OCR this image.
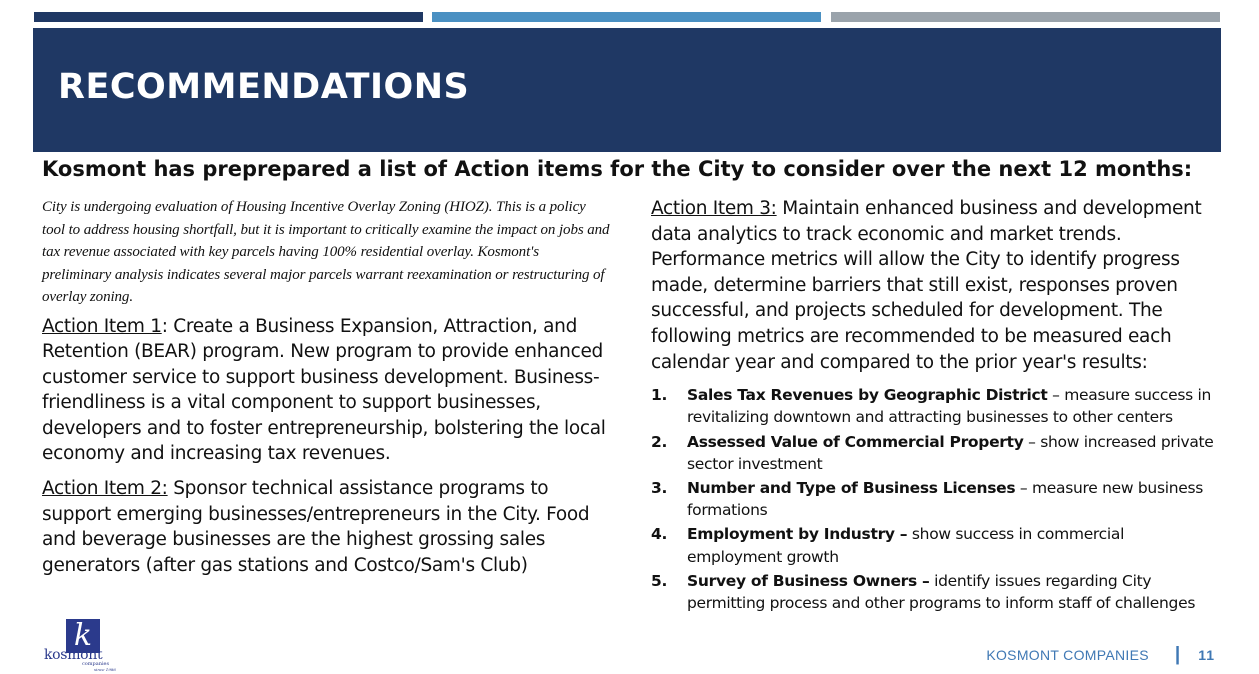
RECOMMENDATIONS

Kosmont has preprepared a list of Action items for the City to consider over the next 12 months:

City is undergoing evaluation of Housing Incentive Overlay Zoning (HIOZ). This is a policy tool to address housing shortfall, but it is important to critically examine the impact on jobs and tax revenue associated with key parcels having 100% residential overlay. Kosmont's preliminary analysis indicates several major parcels warrant reexamination or restructuring of overlay zoning.

Action Item 1: Create a Business Expansion, Attraction, and Retention (BEAR) program. New program to provide enhanced customer service to support business development. Business-friendliness is a vital component to support businesses, developers and to foster entrepreneurship, bolstering the local economy and increasing tax revenues.

Action Item 2: Sponsor technical assistance programs to support emerging businesses/entrepreneurs in the City. Food and beverage businesses are the highest grossing sales generators (after gas stations and Costco/Sam's Club)

Action Item 3: Maintain enhanced business and development data analytics to track economic and market trends. Performance metrics will allow the City to identify progress made, determine barriers that still exist, responses proven successful, and projects scheduled for development. The following metrics are recommended to be measured each calendar year and compared to the prior year's results:

1. Sales Tax Revenues by Geographic District – measure success in revitalizing downtown and attracting businesses to other centers
2. Assessed Value of Commercial Property – show increased private sector investment
3. Number and Type of Business Licenses – measure new business formations
4. Employment by Industry – show success in commercial employment growth
5. Survey of Business Owners – identify issues regarding City permitting process and other programs to inform staff of challenges
k
kosmont
companies
since 1986
KOSMONT COMPANIES | 11
